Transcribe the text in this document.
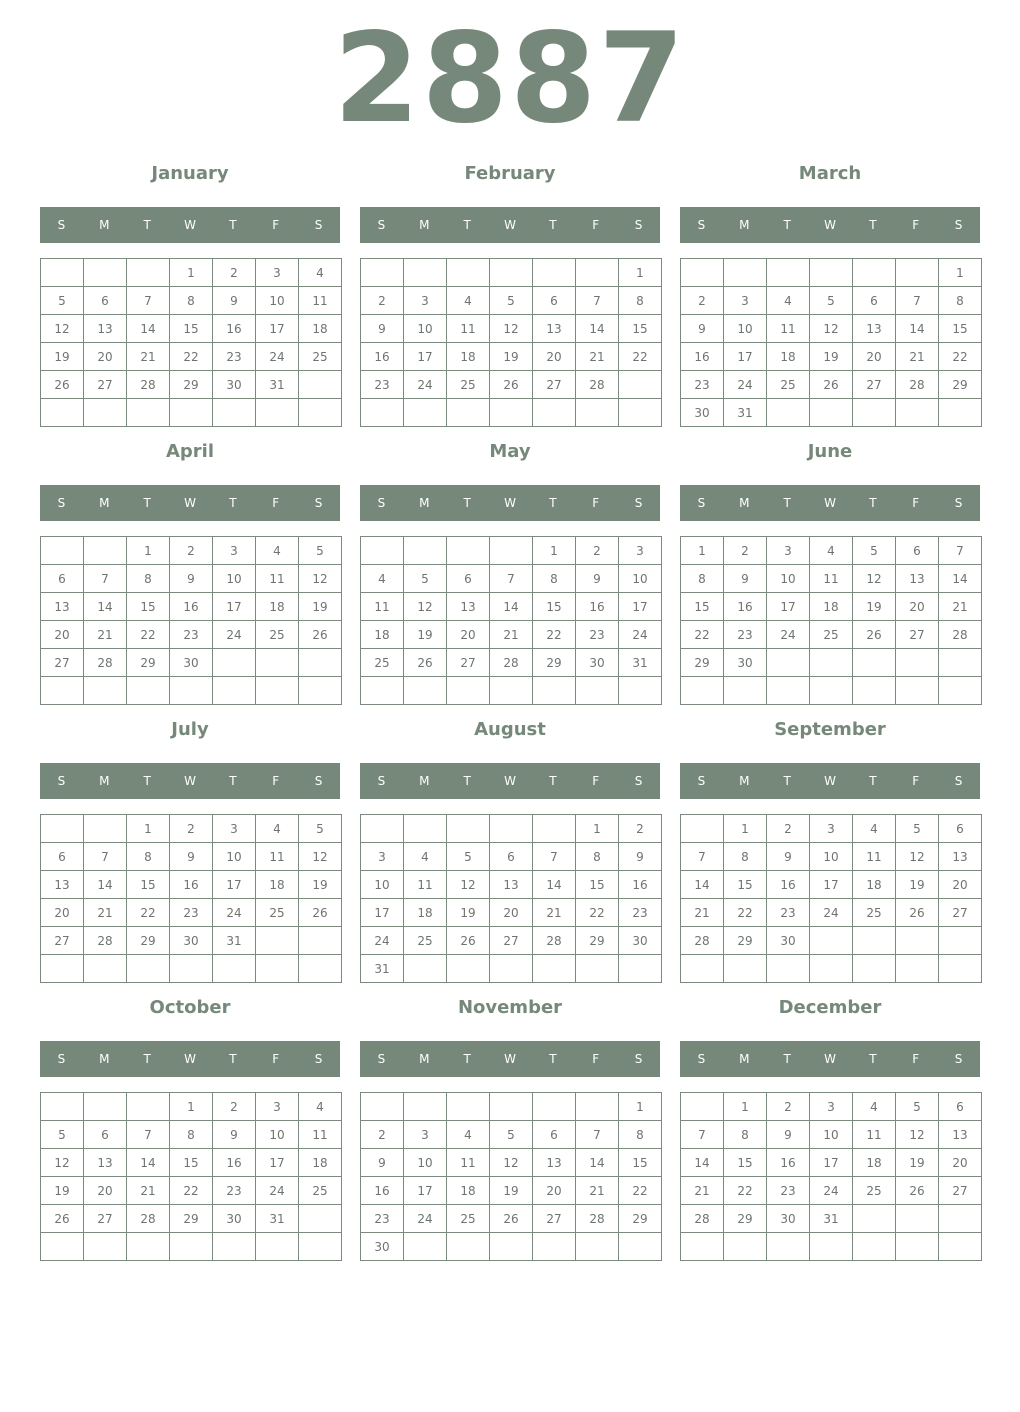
2887
January
S	M	T	W	T	F	S
			1	2	3	4
5	6	7	8	9	10	11
12	13	14	15	16	17	18
19	20	21	22	23	24	25
26	27	28	29	30	31	

February
S	M	T	W	T	F	S
						1
2	3	4	5	6	7	8
9	10	11	12	13	14	15
16	17	18	19	20	21	22
23	24	25	26	27	28	

March
S	M	T	W	T	F	S
						1
2	3	4	5	6	7	8
9	10	11	12	13	14	15
16	17	18	19	20	21	22
23	24	25	26	27	28	29
30	31					
April
S	M	T	W	T	F	S
		1	2	3	4	5
6	7	8	9	10	11	12
13	14	15	16	17	18	19
20	21	22	23	24	25	26
27	28	29	30			

May
S	M	T	W	T	F	S
				1	2	3
4	5	6	7	8	9	10
11	12	13	14	15	16	17
18	19	20	21	22	23	24
25	26	27	28	29	30	31

June
S	M	T	W	T	F	S
1	2	3	4	5	6	7
8	9	10	11	12	13	14
15	16	17	18	19	20	21
22	23	24	25	26	27	28
29	30					

July
S	M	T	W	T	F	S
		1	2	3	4	5
6	7	8	9	10	11	12
13	14	15	16	17	18	19
20	21	22	23	24	25	26
27	28	29	30	31		

August
S	M	T	W	T	F	S
					1	2
3	4	5	6	7	8	9
10	11	12	13	14	15	16
17	18	19	20	21	22	23
24	25	26	27	28	29	30
31						
September
S	M	T	W	T	F	S
	1	2	3	4	5	6
7	8	9	10	11	12	13
14	15	16	17	18	19	20
21	22	23	24	25	26	27
28	29	30				

October
S	M	T	W	T	F	S
			1	2	3	4
5	6	7	8	9	10	11
12	13	14	15	16	17	18
19	20	21	22	23	24	25
26	27	28	29	30	31	

November
S	M	T	W	T	F	S
						1
2	3	4	5	6	7	8
9	10	11	12	13	14	15
16	17	18	19	20	21	22
23	24	25	26	27	28	29
30						
December
S	M	T	W	T	F	S
	1	2	3	4	5	6
7	8	9	10	11	12	13
14	15	16	17	18	19	20
21	22	23	24	25	26	27
28	29	30	31			
